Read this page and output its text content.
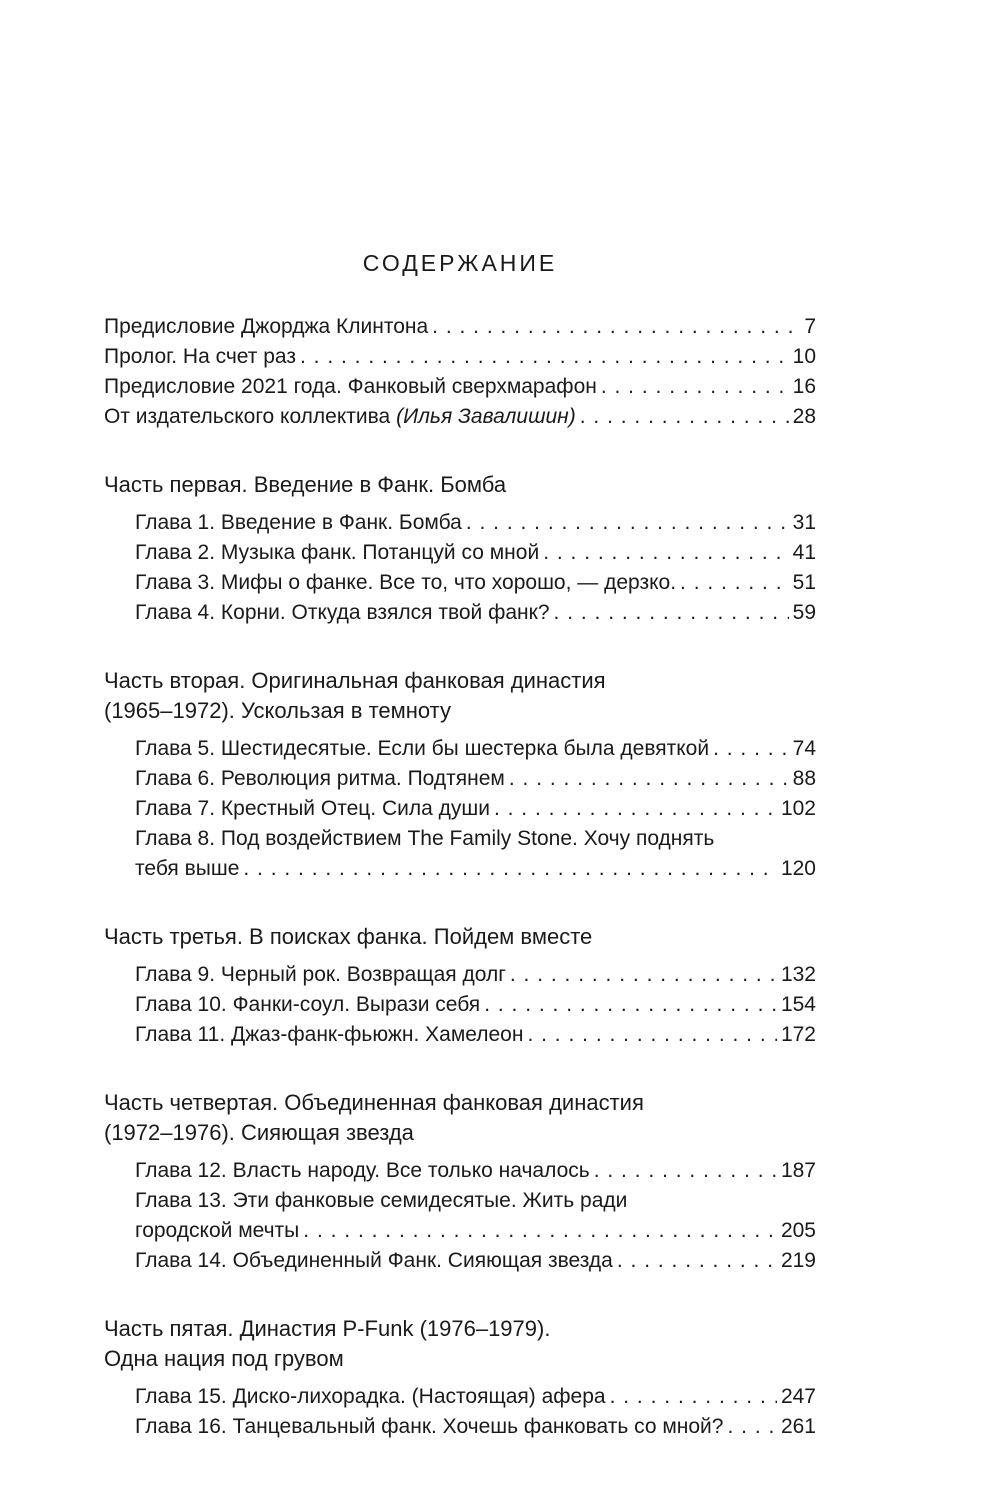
СОДЕРЖАНИЕ
Предисловие Джорджа Клинтона . . .	7
Пролог. На счет раз . . .	10
Предисловие 2021 года. Фанковый сверхмарафон . . .	16
От издательского коллектива (Илья Завалишин) . . .	28
Часть первая. Введение в Фанк. Бомба
Глава 1. Введение в Фанк. Бомба . . .	31
Глава 2. Музыка фанк. Потанцуй со мной . . .	41
Глава 3. Мифы о фанке. Все то, что хорошо, — дерзко. . . .	51
Глава 4. Корни. Откуда взялся твой фанк? . . .	59
Часть вторая. Оригинальная фанковая династия
(1965–1972). Ускользая в темноту
Глава 5. Шестидесятые. Если бы шестерка была девяткой . . .	74
Глава 6. Революция ритма. Подтянем . . .	88
Глава 7. Крестный Отец. Сила души . . .	102
Глава 8. Под воздействием The Family Stone. Хочу поднять
тебя выше . . .	120
Часть третья. В поисках фанка. Пойдем вместе
Глава 9. Черный рок. Возвращая долг . . .	132
Глава 10. Фанки-соул. Вырази себя . . .	154
Глава 11. Джаз-фанк-фьюжн. Хамелеон . . .	172
Часть четвертая. Объединенная фанковая династия
(1972–1976). Сияющая звезда
Глава 12. Власть народу. Все только началось . . .	187
Глава 13. Эти фанковые семидесятые. Жить ради
городской мечты . . .	205
Глава 14. Объединенный Фанк. Сияющая звезда . . .	219
Часть пятая. Династия P-Funk (1976–1979).
Одна нация под грувом
Глава 15. Диско-лихорадка. (Настоящая) афера . . .	247
Глава 16. Танцевальный фанк. Хочешь фанковать со мной? . . .	261
